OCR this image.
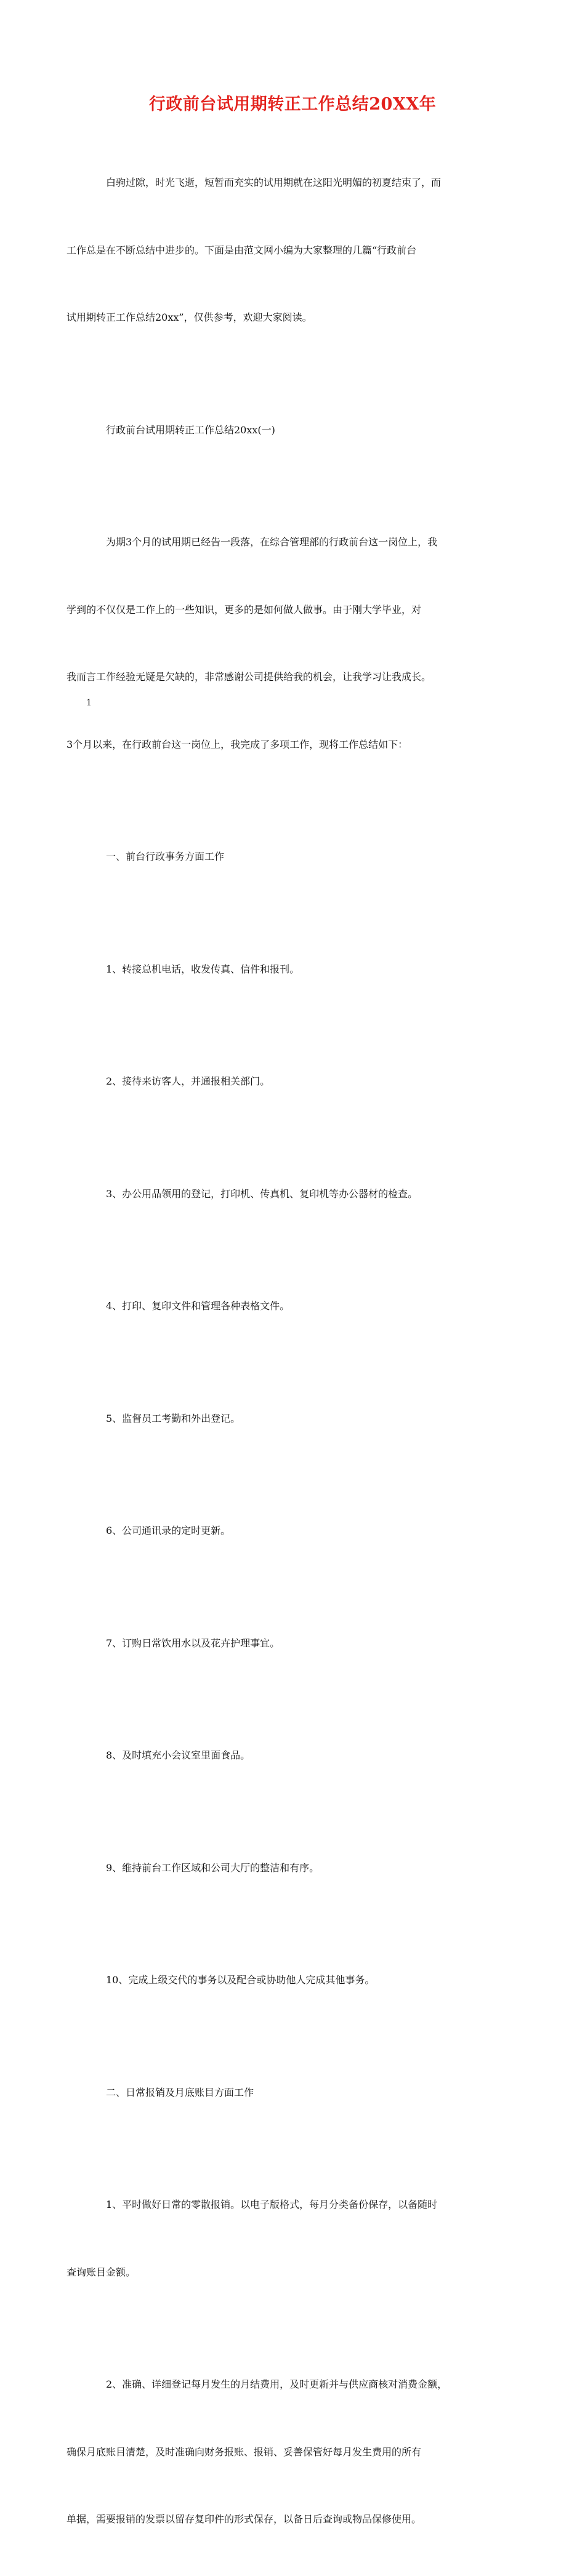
行政前台试用期转正工作总结20XX年

白驹过隙，时光飞逝，短暂而充实的试用期就在这阳光明媚的初夏结束了，而

工作总是在不断总结中进步的。下面是由范文网小编为大家整理的几篇“行政前台

试用期转正工作总结20xx”，仅供参考，欢迎大家阅读。

行政前台试用期转正工作总结20xx(一)

为期3个月的试用期已经告一段落，在综合管理部的行政前台这一岗位上，我

学到的不仅仅是工作上的一些知识，更多的是如何做人做事。由于刚大学毕业，对

我而言工作经验无疑是欠缺的，非常感谢公司提供给我的机会，让我学习让我成长。

3个月以来，在行政前台这一岗位上，我完成了多项工作，现将工作总结如下：

一、前台行政事务方面工作

1、转接总机电话，收发传真、信件和报刊。

2、接待来访客人，并通报相关部门。

3、办公用品领用的登记，打印机、传真机、复印机等办公器材的检查。

4、打印、复印文件和管理各种表格文件。

5、监督员工考勤和外出登记。

6、公司通讯录的定时更新。

7、订购日常饮用水以及花卉护理事宜。

8、及时填充小会议室里面食品。

9、维持前台工作区域和公司大厅的整洁和有序。

10、完成上级交代的事务以及配合或协助他人完成其他事务。

二、日常报销及月底账目方面工作

1、平时做好日常的零散报销。以电子版格式，每月分类备份保存，以备随时

查询账目金额。

2、准确、详细登记每月发生的月结费用，及时更新并与供应商核对消费金额，

确保月底账目清楚，及时准确向财务报账、报销、妥善保管好每月发生费用的所有

单据，需要报销的发票以留存复印件的形式保存，以备日后查询或物品保修使用。

1
